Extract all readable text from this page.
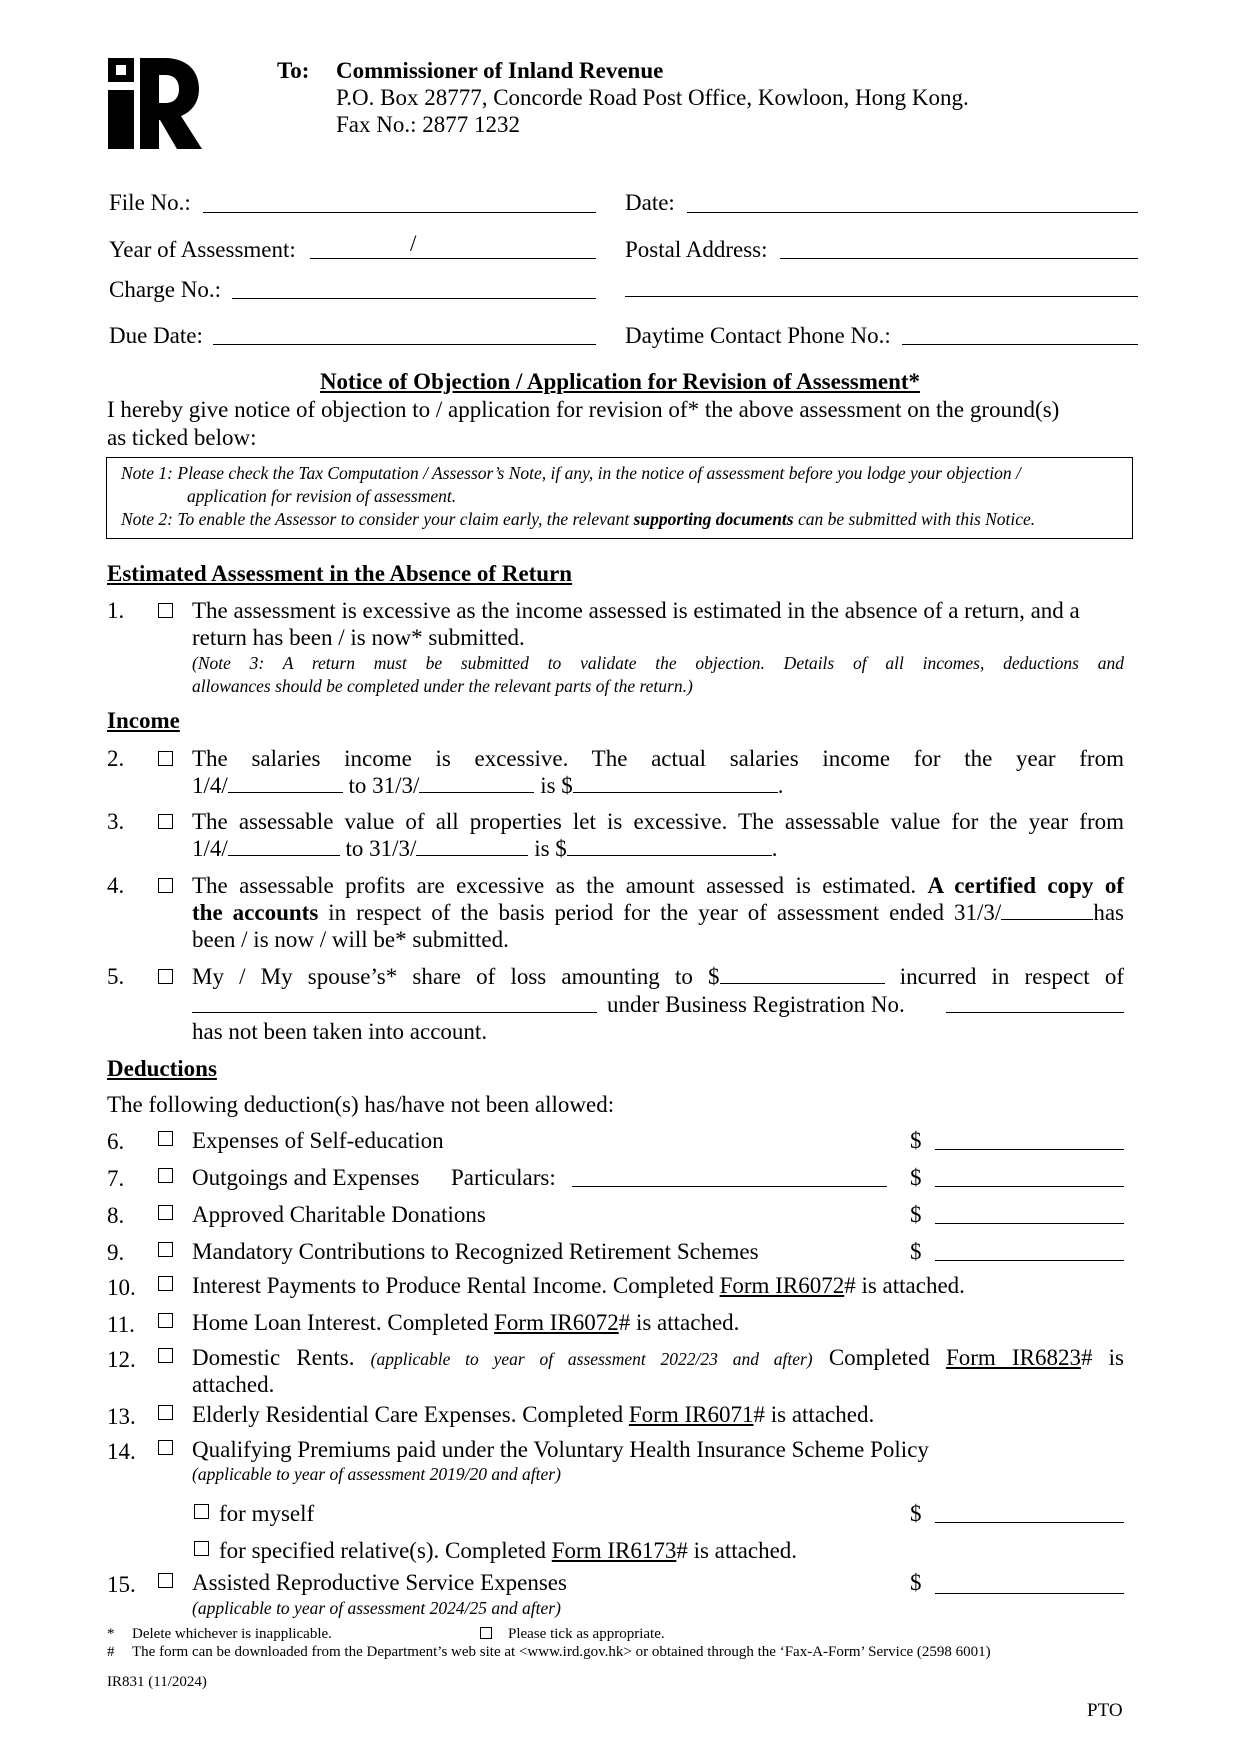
To: Commissioner of Inland Revenue
P.O. Box 28777, Concorde Road Post Office, Kowloon, Hong Kong.
Fax No.: 2877 1232
File No.:	Date:
Year of Assessment:	/	Postal Address:
Charge No.:
Due Date:	Daytime Contact Phone No.:
Notice of Objection / Application for Revision of Assessment*
I hereby give notice of objection to / application for revision of* the above assessment on the ground(s)
as ticked below:
Note 1: Please check the Tax Computation / Assessor’s Note, if any, in the notice of assessment before you lodge your objection /
application for revision of assessment.
Note 2: To enable the Assessor to consider your claim early, the relevant supporting documents can be submitted with this Notice.
Estimated Assessment in the Absence of Return
1.	The assessment is excessive as the income assessed is estimated in the absence of a return, and a
return has been / is now* submitted.
(Note 3: A return must be submitted to validate the objection. Details of all incomes, deductions and
allowances should be completed under the relevant parts of the return.)
Income
2.	The salaries income is excessive. The actual salaries income for the year from
1/4/	to 31/3/	is $	.
3.	The assessable value of all properties let is excessive. The assessable value for the year from
1/4/	to 31/3/	is $	.
4.	The assessable profits are excessive as the amount assessed is estimated. A certified copy of
the accounts in respect of the basis period for the year of assessment ended 31/3/	has
been / is now / will be* submitted.
5.	My / My spouse’s* share of loss amounting to $	incurred in respect of
under Business Registration No.
has not been taken into account.
Deductions
The following deduction(s) has/have not been allowed:
6.	Expenses of Self-education	$
7.	Outgoings and Expenses Particulars:	$
8.	Approved Charitable Donations	$
9.	Mandatory Contributions to Recognized Retirement Schemes	$
10. Interest Payments to Produce Rental Income. Completed Form IR6072# is attached.
11. Home Loan Interest. Completed Form IR6072# is attached.
12. Domestic Rents. (applicable to year of assessment 2022/23 and after) Completed Form IR6823# is
attached.
13. Elderly Residential Care Expenses. Completed Form IR6071# is attached.
14. Qualifying Premiums paid under the Voluntary Health Insurance Scheme Policy
(applicable to year of assessment 2019/20 and after)
for myself	$
for specified relative(s). Completed Form IR6173# is attached.
15. Assisted Reproductive Service Expenses	$
(applicable to year of assessment 2024/25 and after)
* Delete whichever is inapplicable.	Please tick as appropriate.
# The form can be downloaded from the Department’s web site at <www.ird.gov.hk> or obtained through the ‘Fax-A-Form’ Service (2598 6001)
IR831 (11/2024)
PTO
